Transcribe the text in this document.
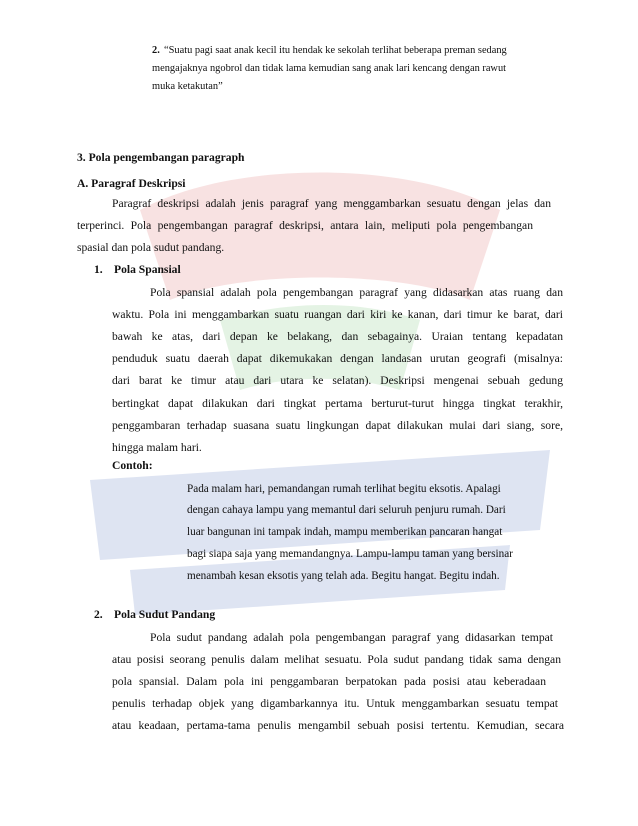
2. “Suatu pagi saat anak kecil itu hendak ke sekolah terlihat beberapa preman sedang
mengajaknya ngobrol dan tidak lama kemudian sang anak lari kencang dengan rawut
muka ketakutan”
3. Pola pengembangan paragraph
A. Paragraf Deskripsi
Paragraf deskripsi adalah jenis paragraf yang menggambarkan sesuatu dengan jelas dan
terperinci. Pola pengembangan paragraf deskripsi, antara lain, meliputi pola pengembangan
spasial dan pola sudut pandang.
1. Pola Spansial
Pola spansial adalah pola pengembangan paragraf yang didasarkan atas ruang dan
waktu. Pola ini menggambarkan suatu ruangan dari kiri ke kanan, dari timur ke barat, dari
bawah ke atas, dari depan ke belakang, dan sebagainya. Uraian tentang kepadatan
penduduk suatu daerah dapat dikemukakan dengan landasan urutan geografi (misalnya:
dari barat ke timur atau dari utara ke selatan). Deskripsi mengenai sebuah gedung
bertingkat dapat dilakukan dari tingkat pertama berturut-turut hingga tingkat terakhir,
penggambaran terhadap suasana suatu lingkungan dapat dilakukan mulai dari siang, sore,
hingga malam hari.
Contoh:
Pada malam hari, pemandangan rumah terlihat begitu eksotis. Apalagi
dengan cahaya lampu yang memantul dari seluruh penjuru rumah. Dari
luar bangunan ini tampak indah, mampu memberikan pancaran hangat
bagi siapa saja yang memandangnya. Lampu-lampu taman yang bersinar
menambah kesan eksotis yang telah ada. Begitu hangat. Begitu indah.
2. Pola Sudut Pandang
Pola sudut pandang adalah pola pengembangan paragraf yang didasarkan tempat
atau posisi seorang penulis dalam melihat sesuatu. Pola sudut pandang tidak sama dengan
pola spansial. Dalam pola ini penggambaran berpatokan pada posisi atau keberadaan
penulis terhadap objek yang digambarkannya itu. Untuk menggambarkan sesuatu tempat
atau keadaan, pertama-tama penulis mengambil sebuah posisi tertentu. Kemudian, secara
